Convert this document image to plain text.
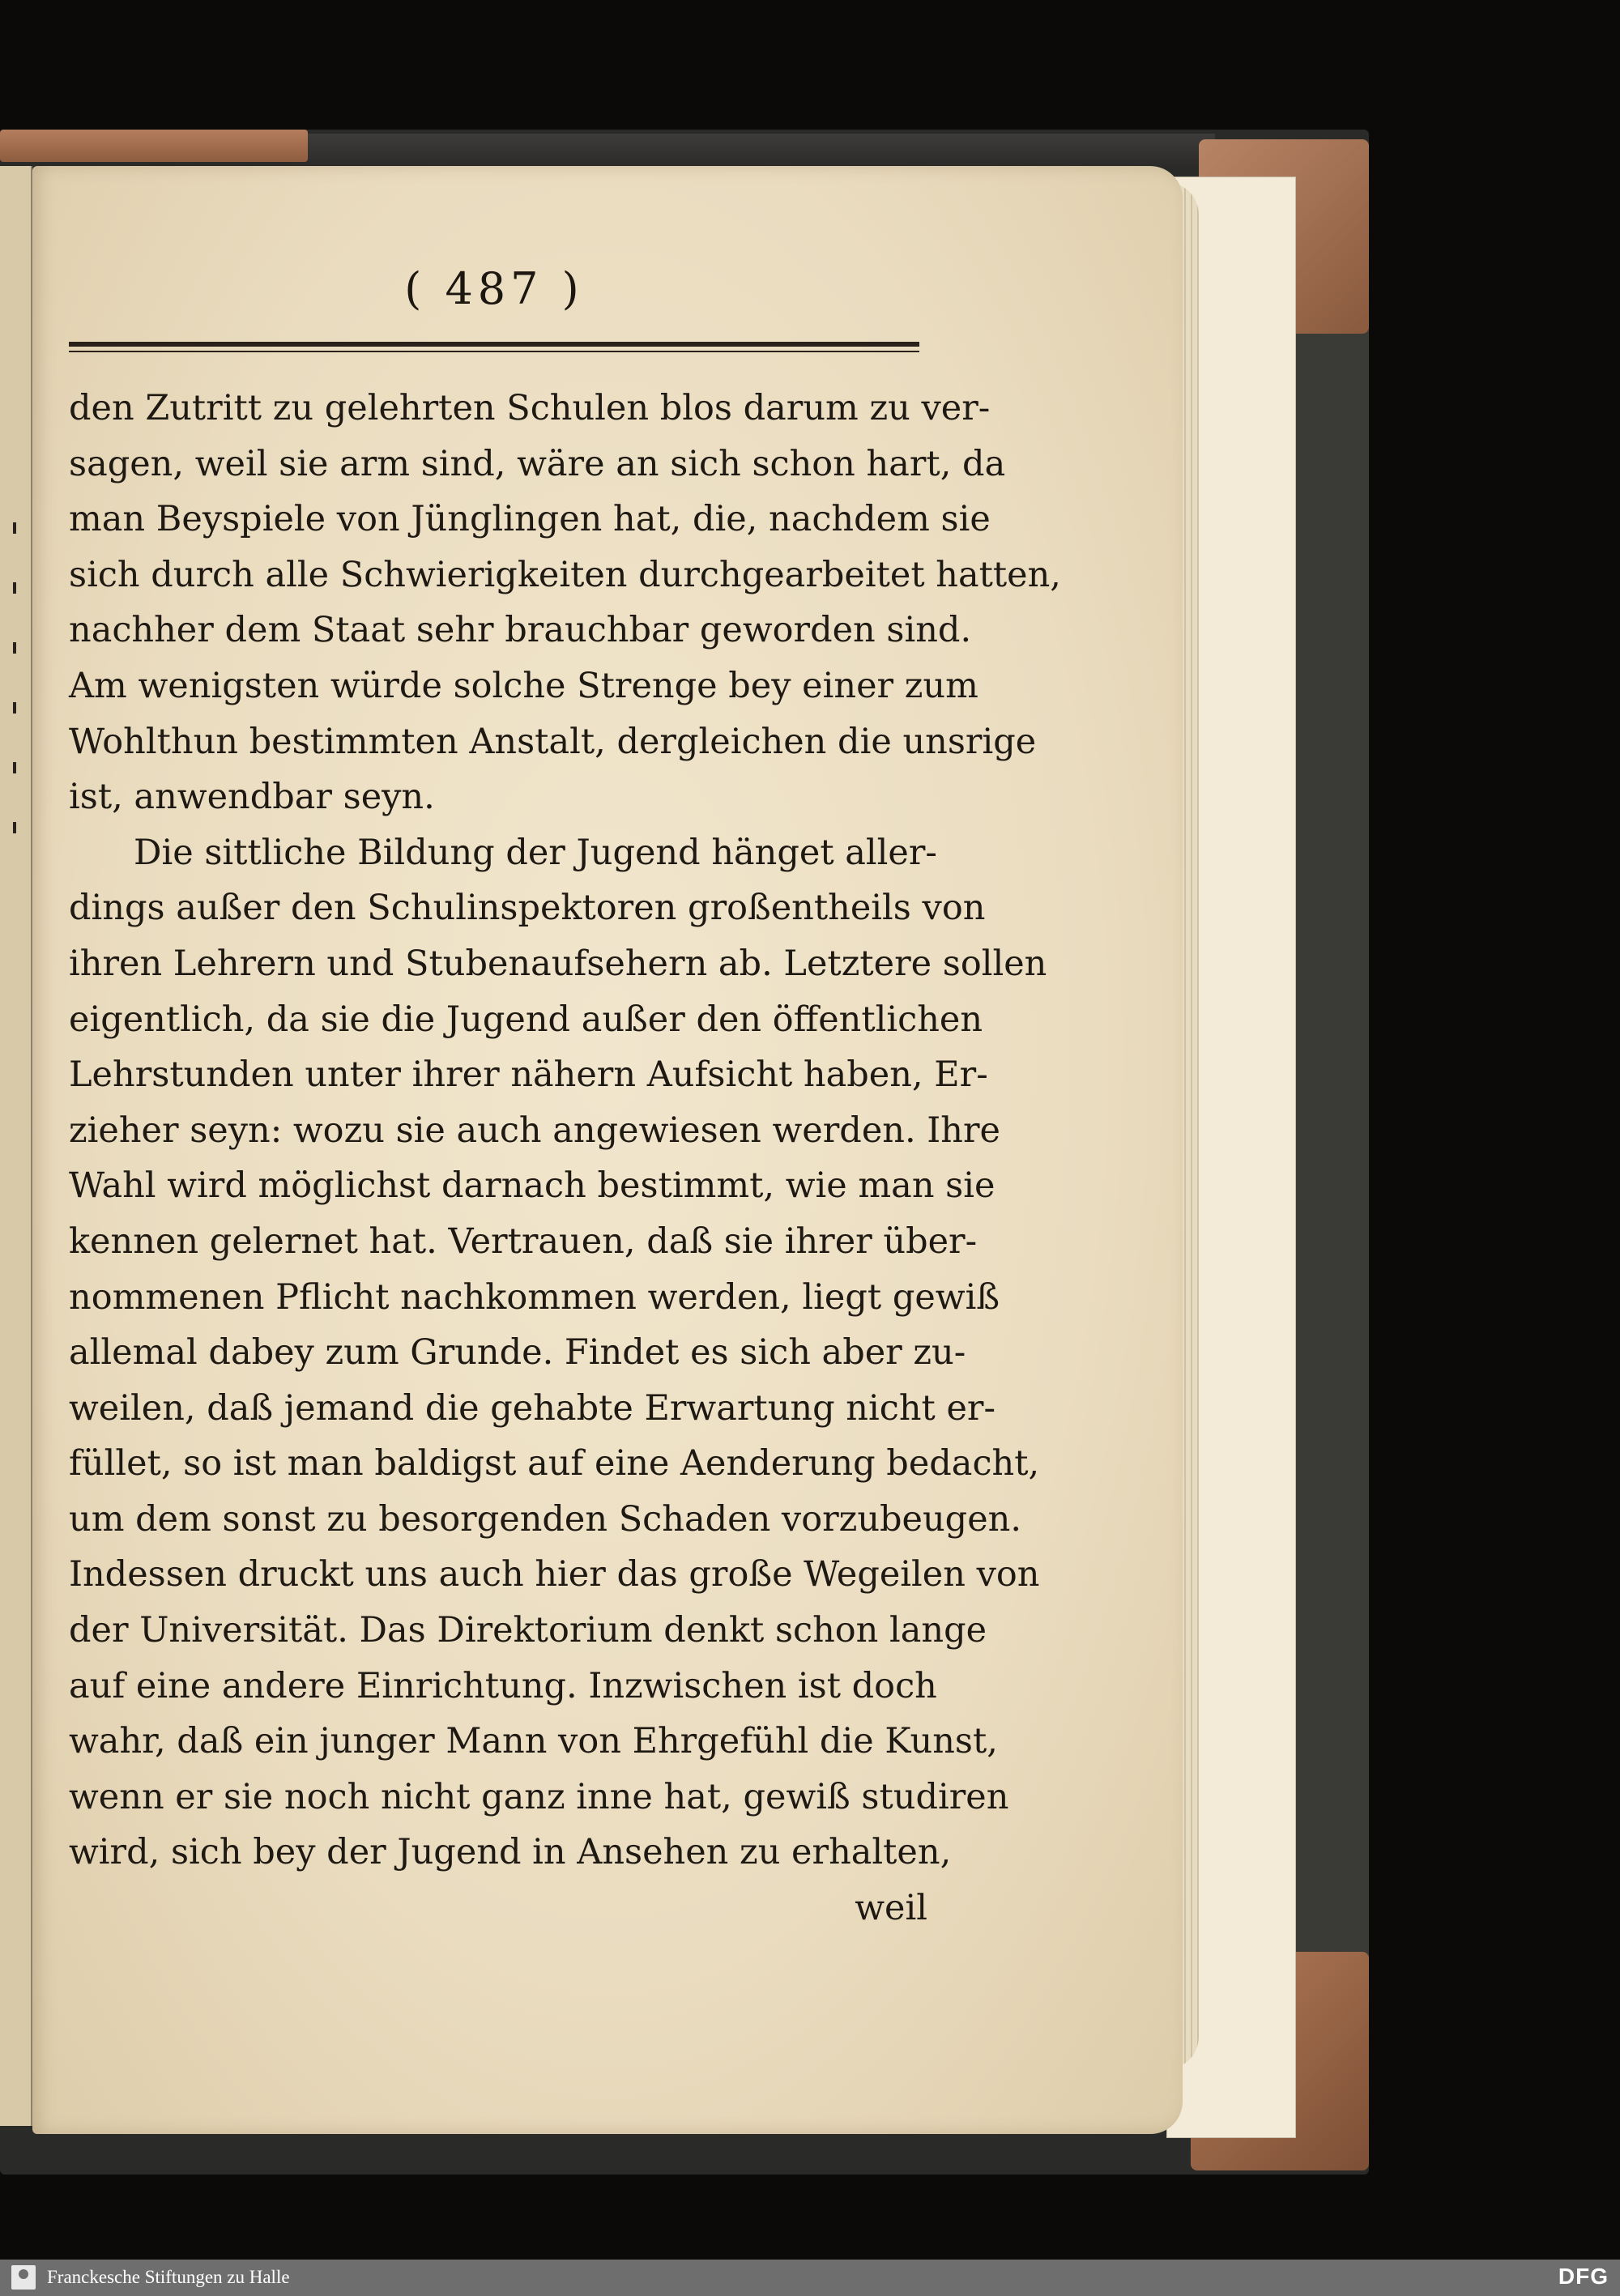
( 487 )
den Zutritt zu gelehrten Schulen blos darum zu ver-
sagen, weil sie arm sind, wäre an sich schon hart, da
man Beyspiele von Jünglingen hat, die, nachdem sie
sich durch alle Schwierigkeiten durchgearbeitet hatten,
nachher dem Staat sehr brauchbar geworden sind.
Am wenigsten würde solche Strenge bey einer zum
Wohlthun bestimmten Anstalt, dergleichen die unsrige
ist, anwendbar seyn.
Die sittliche Bildung der Jugend hänget aller-
dings außer den Schulinspektoren großentheils von
ihren Lehrern und Stubenaufsehern ab. Letztere sollen
eigentlich, da sie die Jugend außer den öffentlichen
Lehrstunden unter ihrer nähern Aufsicht haben, Er-
zieher seyn: wozu sie auch angewiesen werden. Ihre
Wahl wird möglichst darnach bestimmt, wie man sie
kennen gelernet hat. Vertrauen, daß sie ihrer über-
nommenen Pflicht nachkommen werden, liegt gewiß
allemal dabey zum Grunde. Findet es sich aber zu-
weilen, daß jemand die gehabte Erwartung nicht er-
füllet, so ist man baldigst auf eine Aenderung bedacht,
um dem sonst zu besorgenden Schaden vorzubeugen.
Indessen druckt uns auch hier das große Wegeilen von
der Universität. Das Direktorium denkt schon lange
auf eine andere Einrichtung. Inzwischen ist doch
wahr, daß ein junger Mann von Ehrgefühl die Kunst,
wenn er sie noch nicht ganz inne hat, gewiß studiren
wird, sich bey der Jugend in Ansehen zu erhalten,
weil
Franckesche Stiftungen zu Halle	DFG
